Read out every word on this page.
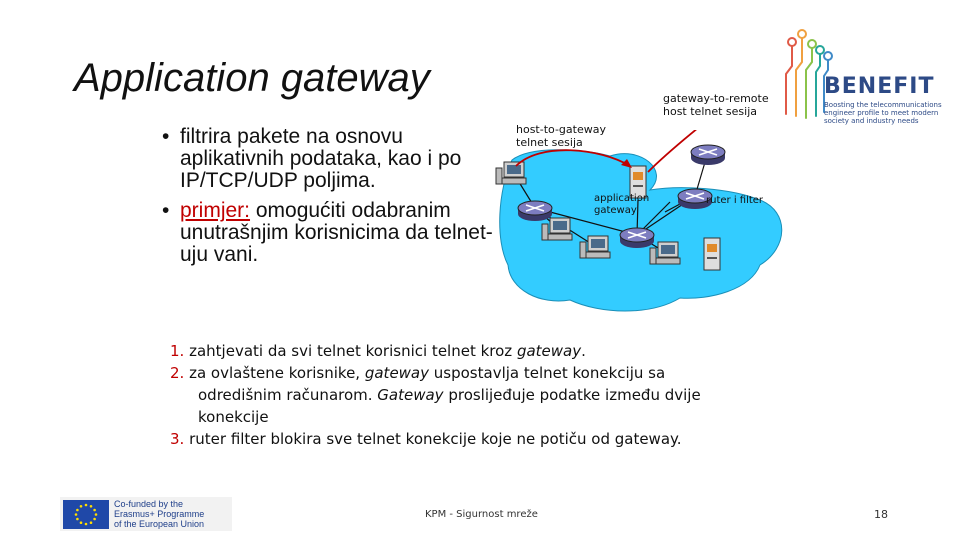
Application gateway
• filtrira pakete na osnovu aplikativnih podataka, kao i po IP/TCP/UDP poljima.
• primjer: omogućiti odabranim unutrašnjim korisnicima da telnet-uju vani.
host-to-gateway
telnet sesija
gateway-to-remote
host telnet sesija
application
gateway
ruter i filter
1. zahtjevati da svi telnet korisnici telnet kroz gateway.
2. za ovlaštene korisnike, gateway uspostavlja telnet konekciju sa
odredišnim računarom. Gateway proslijeđuje podatke između dvije
konekcije
3. ruter filter blokira sve telnet konekcije koje ne potiču od gateway.
BENEFIT
Boosting the telecommunications
engineer profile to meet modern
society and industry needs
Co-funded by the
Erasmus+ Programme
of the European Union
KPM - Sigurnost mreže	18
